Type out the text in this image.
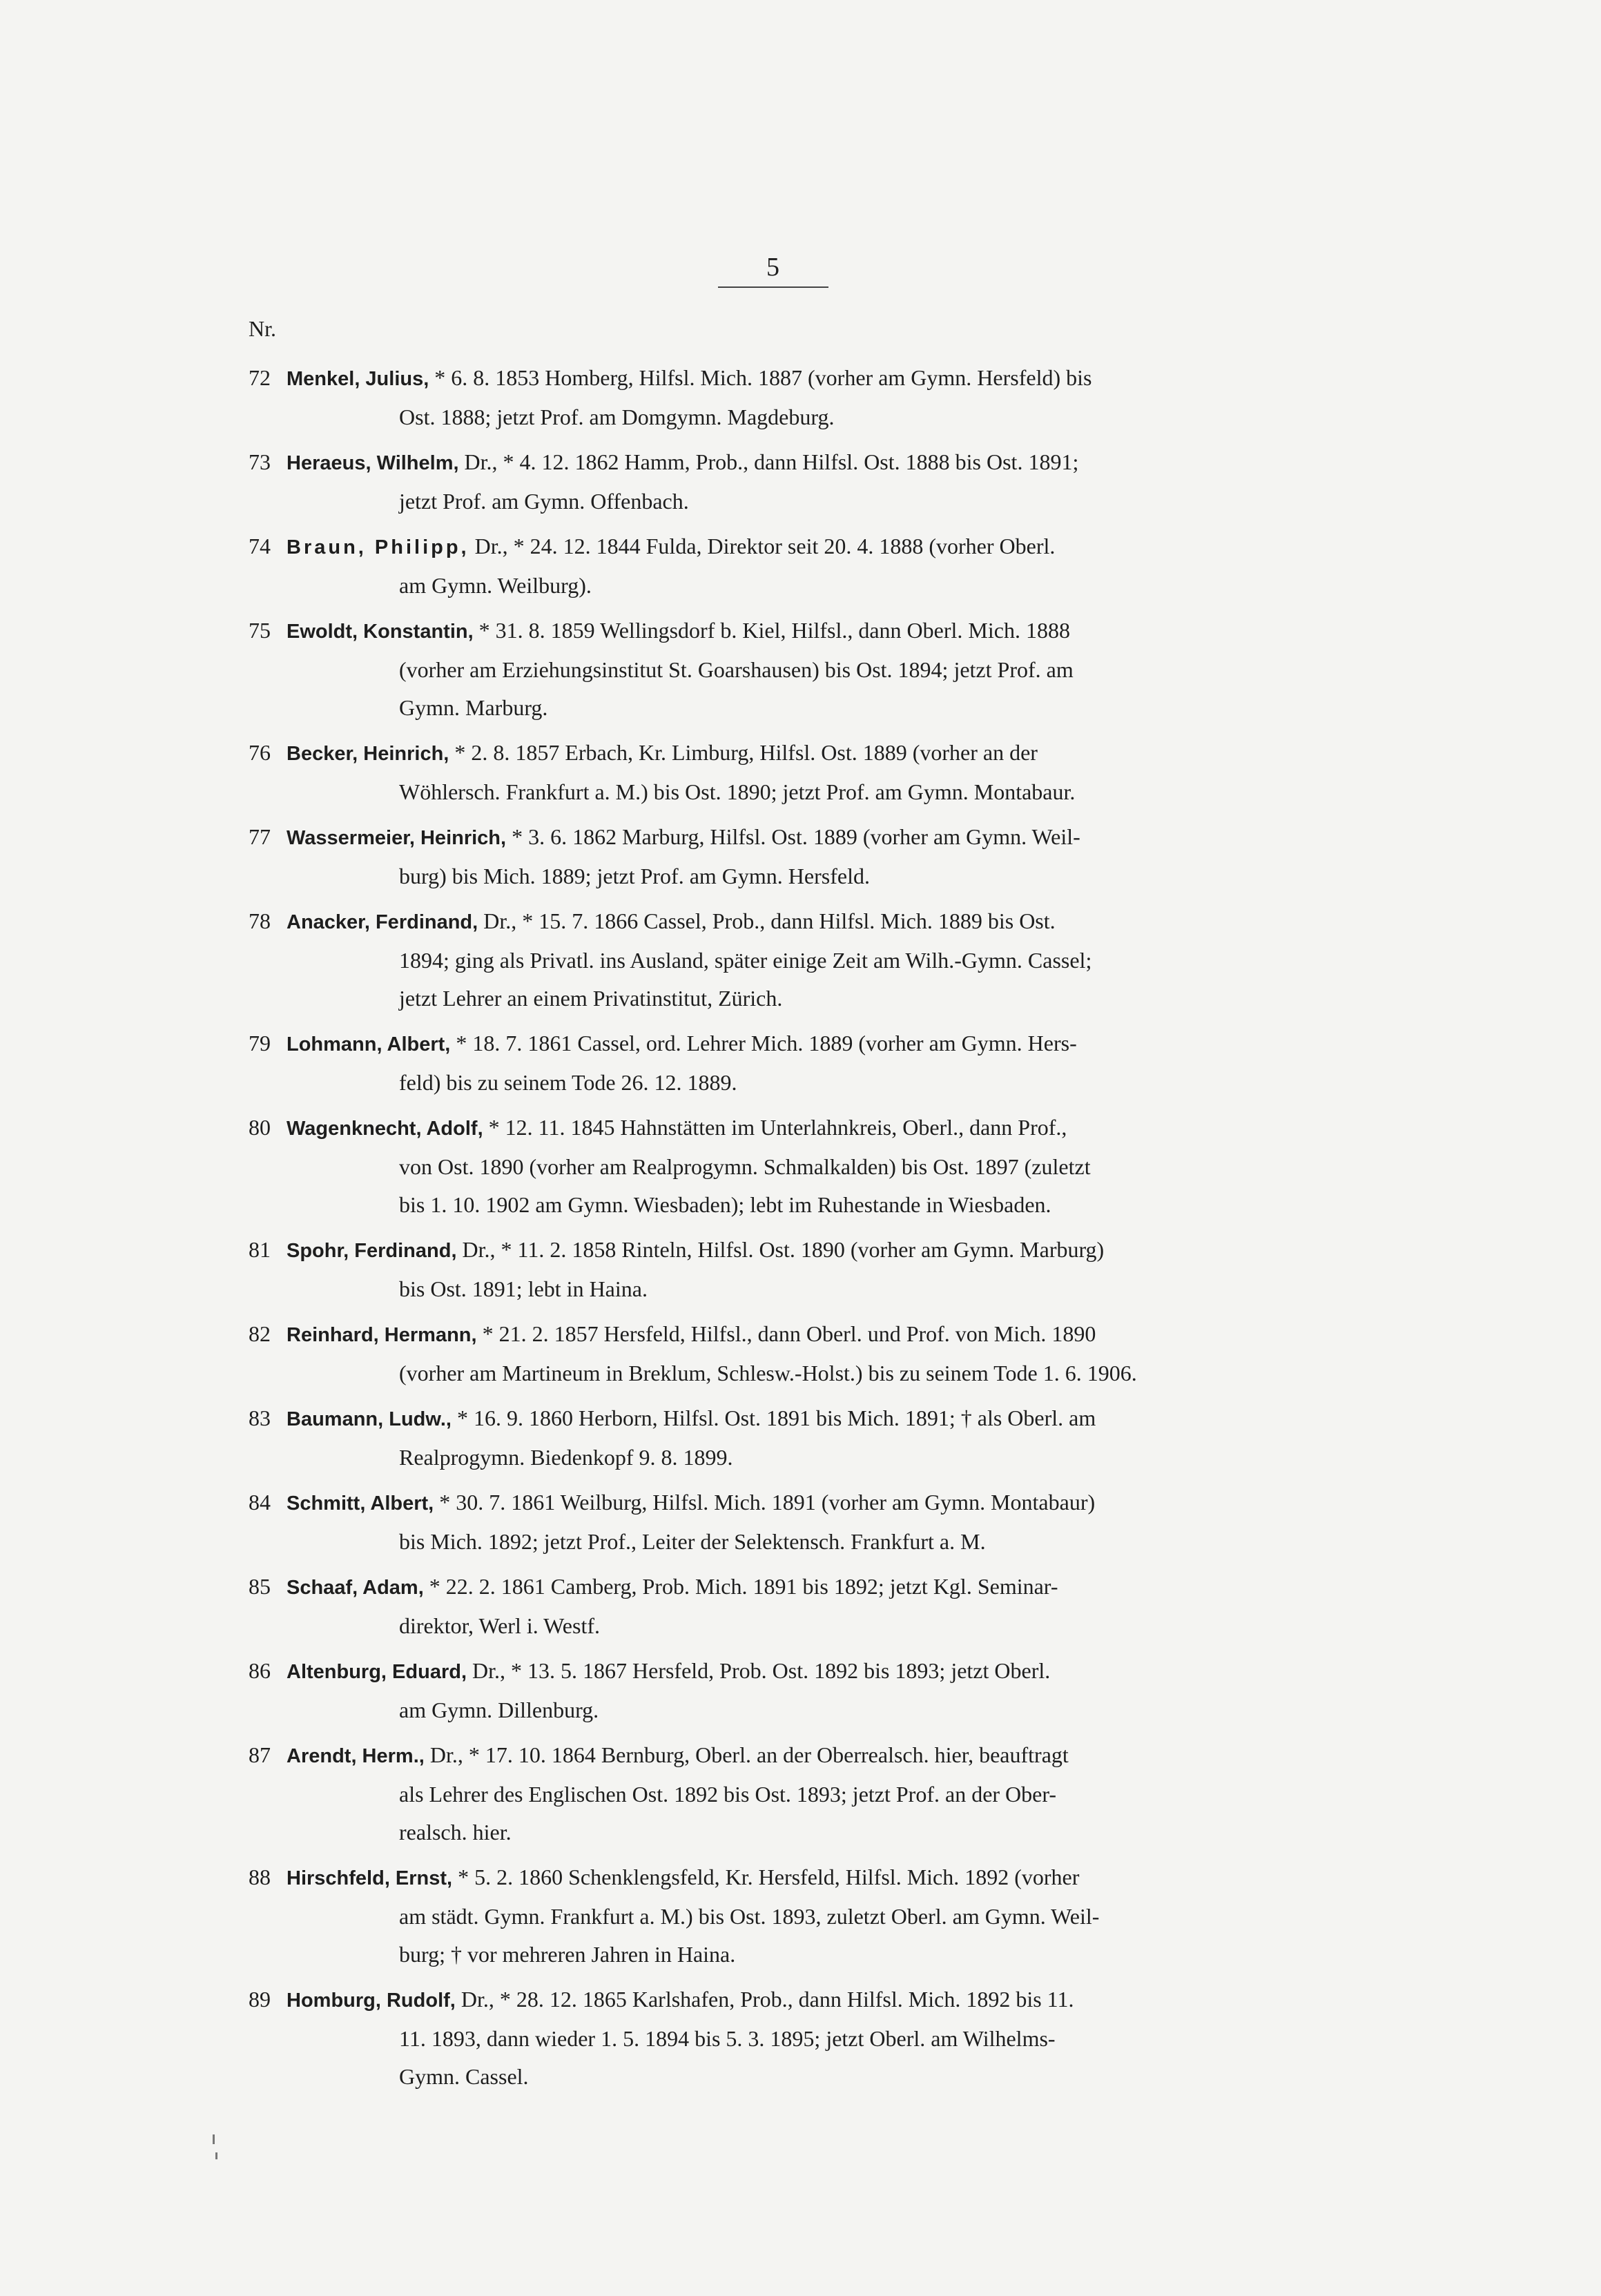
5
Nr.
72 Menkel, Julius, * 6. 8. 1853 Homberg, Hilfsl. Mich. 1887 (vorher am Gymn. Hersfeld) bis
Ost. 1888; jetzt Prof. am Domgymn. Magdeburg.
73 Heraeus, Wilhelm, Dr., * 4. 12. 1862 Hamm, Prob., dann Hilfsl. Ost. 1888 bis Ost. 1891;
jetzt Prof. am Gymn. Offenbach.
74 Braun, Philipp, Dr., * 24. 12. 1844 Fulda, Direktor seit 20. 4. 1888 (vorher Oberl.
am Gymn. Weilburg).
75 Ewoldt, Konstantin, * 31. 8. 1859 Wellingsdorf b. Kiel, Hilfsl., dann Oberl. Mich. 1888
(vorher am Erziehungsinstitut St. Goarshausen) bis Ost. 1894; jetzt Prof. am
Gymn. Marburg.
76 Becker, Heinrich, * 2. 8. 1857 Erbach, Kr. Limburg, Hilfsl. Ost. 1889 (vorher an der
Wöhlersch. Frankfurt a. M.) bis Ost. 1890; jetzt Prof. am Gymn. Montabaur.
77 Wassermeier, Heinrich, * 3. 6. 1862 Marburg, Hilfsl. Ost. 1889 (vorher am Gymn. Weil-
burg) bis Mich. 1889; jetzt Prof. am Gymn. Hersfeld.
78 Anacker, Ferdinand, Dr., * 15. 7. 1866 Cassel, Prob., dann Hilfsl. Mich. 1889 bis Ost.
1894; ging als Privatl. ins Ausland, später einige Zeit am Wilh.-Gymn. Cassel;
jetzt Lehrer an einem Privatinstitut, Zürich.
79 Lohmann, Albert, * 18. 7. 1861 Cassel, ord. Lehrer Mich. 1889 (vorher am Gymn. Hers-
feld) bis zu seinem Tode 26. 12. 1889.
80 Wagenknecht, Adolf, * 12. 11. 1845 Hahnstätten im Unterlahnkreis, Oberl., dann Prof.,
von Ost. 1890 (vorher am Realprogymn. Schmalkalden) bis Ost. 1897 (zuletzt
bis 1. 10. 1902 am Gymn. Wiesbaden); lebt im Ruhestande in Wiesbaden.
81 Spohr, Ferdinand, Dr., * 11. 2. 1858 Rinteln, Hilfsl. Ost. 1890 (vorher am Gymn. Marburg)
bis Ost. 1891; lebt in Haina.
82 Reinhard, Hermann, * 21. 2. 1857 Hersfeld, Hilfsl., dann Oberl. und Prof. von Mich. 1890
(vorher am Martineum in Breklum, Schlesw.-Holst.) bis zu seinem Tode 1. 6. 1906.
83 Baumann, Ludw., * 16. 9. 1860 Herborn, Hilfsl. Ost. 1891 bis Mich. 1891; † als Oberl. am
Realprogymn. Biedenkopf 9. 8. 1899.
84 Schmitt, Albert, * 30. 7. 1861 Weilburg, Hilfsl. Mich. 1891 (vorher am Gymn. Montabaur)
bis Mich. 1892; jetzt Prof., Leiter der Selektensch. Frankfurt a. M.
85 Schaaf, Adam, * 22. 2. 1861 Camberg, Prob. Mich. 1891 bis 1892; jetzt Kgl. Seminar-
direktor, Werl i. Westf.
86 Altenburg, Eduard, Dr., * 13. 5. 1867 Hersfeld, Prob. Ost. 1892 bis 1893; jetzt Oberl.
am Gymn. Dillenburg.
87 Arendt, Herm., Dr., * 17. 10. 1864 Bernburg, Oberl. an der Oberrealsch. hier, beauftragt
als Lehrer des Englischen Ost. 1892 bis Ost. 1893; jetzt Prof. an der Ober-
realsch. hier.
88 Hirschfeld, Ernst, * 5. 2. 1860 Schenklengsfeld, Kr. Hersfeld, Hilfsl. Mich. 1892 (vorher
am städt. Gymn. Frankfurt a. M.) bis Ost. 1893, zuletzt Oberl. am Gymn. Weil-
burg; † vor mehreren Jahren in Haina.
89 Homburg, Rudolf, Dr., * 28. 12. 1865 Karlshafen, Prob., dann Hilfsl. Mich. 1892 bis 11.
11. 1893, dann wieder 1. 5. 1894 bis 5. 3. 1895; jetzt Oberl. am Wilhelms-
Gymn. Cassel.
